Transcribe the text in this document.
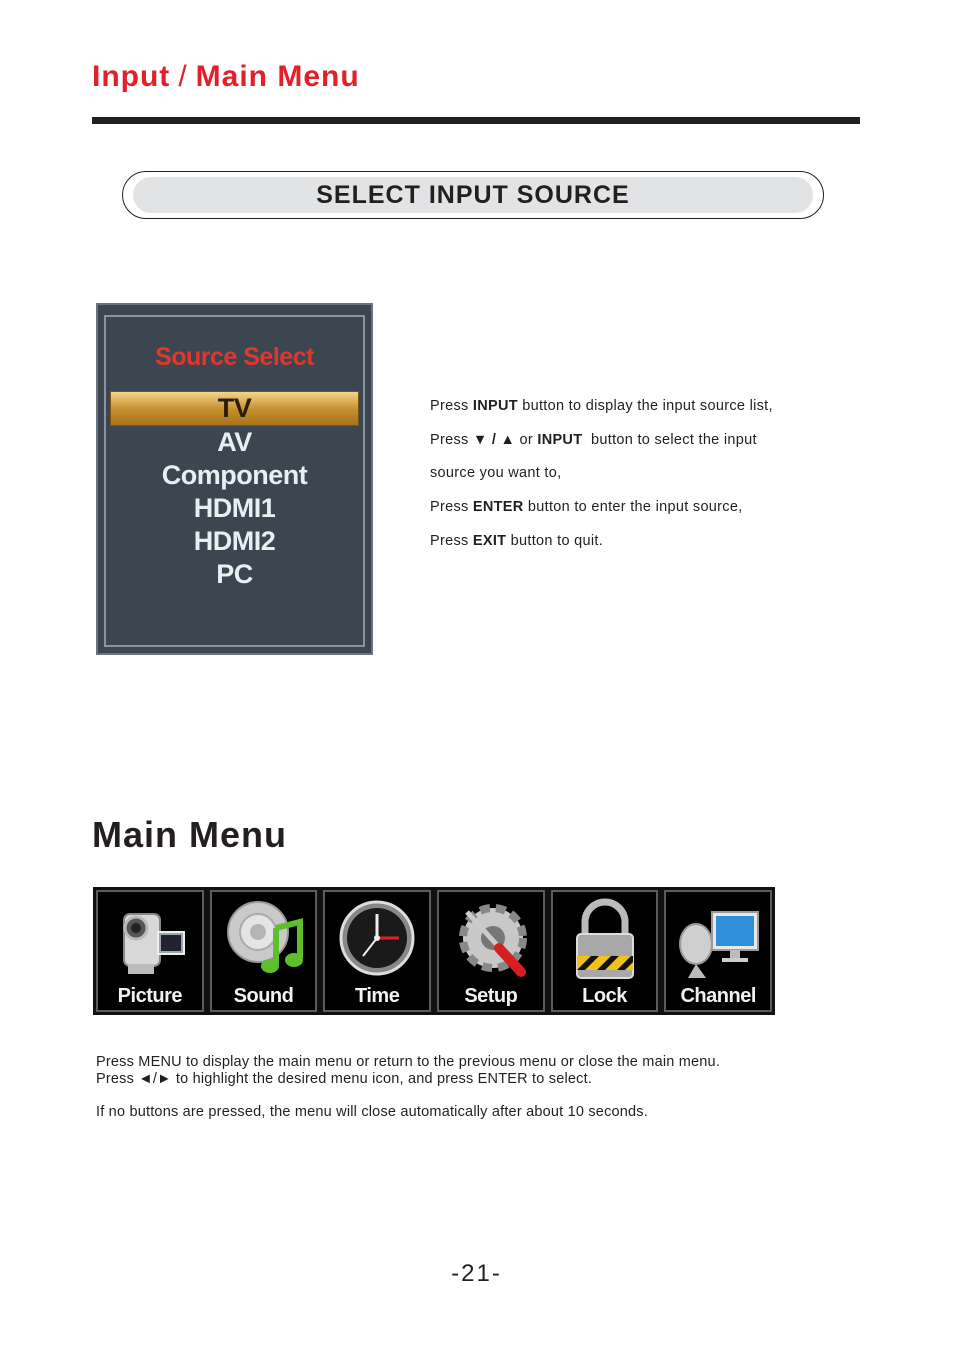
Input / Main Menu
SELECT INPUT SOURCE
Source Select
TV
AV
Component
HDMI1
HDMI2
PC

Press INPUT button to display the input source list,

Press ▼ / ▲ or INPUT  button to select the input

source you want to,

Press ENTER button to enter the input source,

Press EXIT button to quit.

Main Menu
Picture	Sound	Time	Setup	Lock	Channel

Press MENU to display the main menu or return to the previous menu or close the main menu.

Press ◄/► to highlight the desired menu icon, and press ENTER to select.

If no buttons are pressed, the menu will close automatically after about 10 seconds.

-21-
